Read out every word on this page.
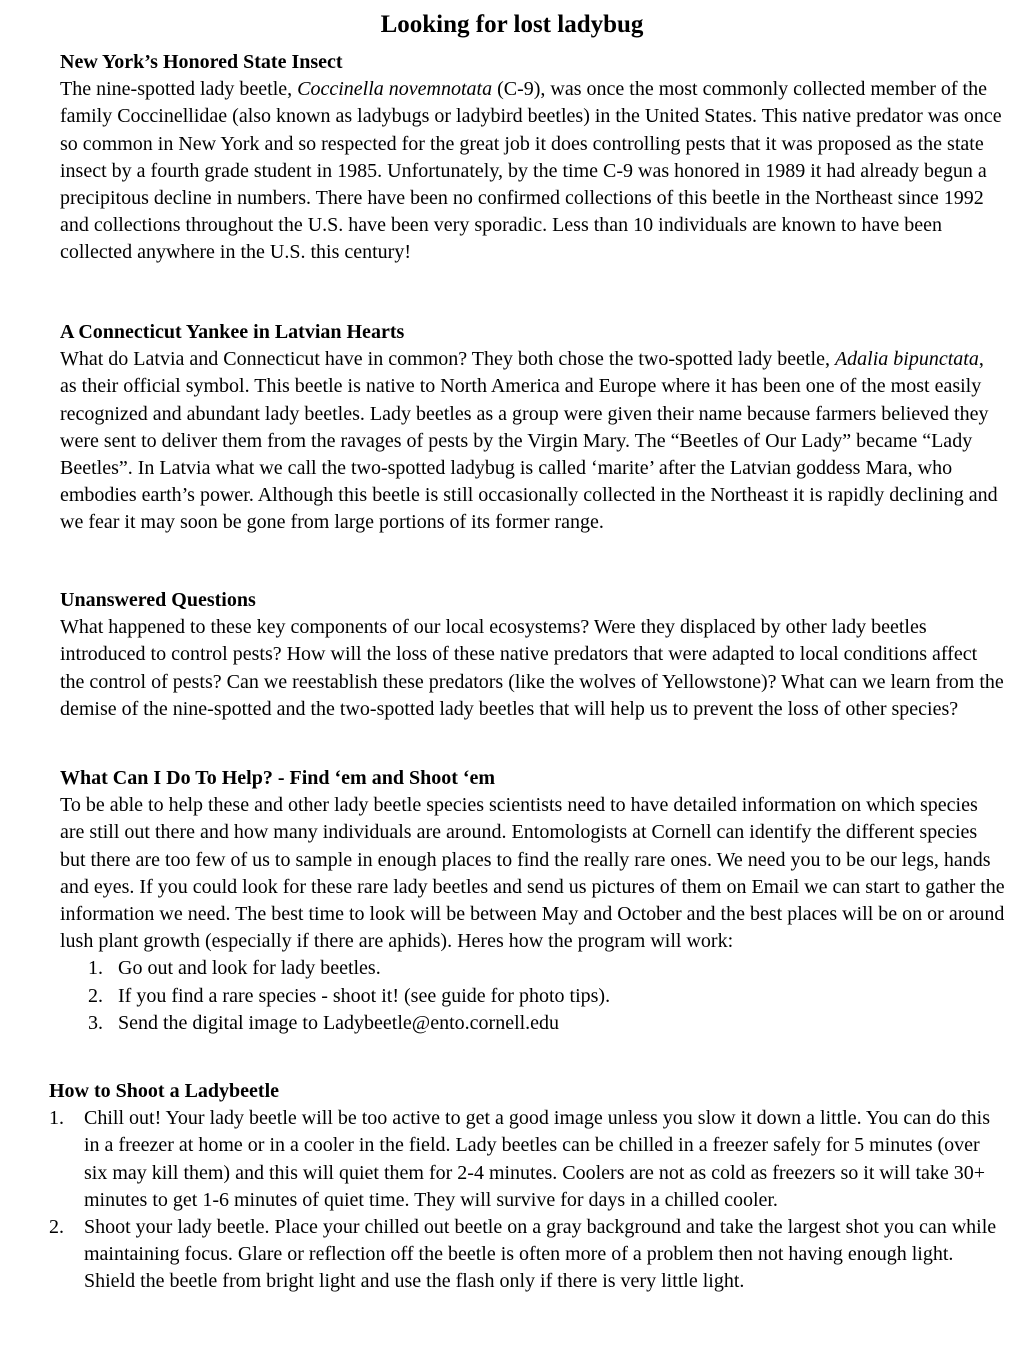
Looking for lost ladybug
New York’s Honored State Insect

The nine-spotted lady beetle, Coccinella novemnotata (C-9), was once the most commonly collected member of the family Coccinellidae (also known as ladybugs or ladybird beetles) in the United States. This native predator was once so common in New York and so respected for the great job it does controlling pests that it was proposed as the state insect by a fourth grade student in 1985. Unfortunately, by the time C-9 was honored in 1989 it had already begun a precipitous decline in numbers. There have been no confirmed collections of this beetle in the Northeast since 1992 and collections throughout the U.S. have been very sporadic. Less than 10 individuals are known to have been collected anywhere in the U.S. this century!

A Connecticut Yankee in Latvian Hearts

What do Latvia and Connecticut have in common? They both chose the two-spotted lady beetle, Adalia bipunctata, as their official symbol. This beetle is native to North America and Europe where it has been one of the most easily recognized and abundant lady beetles. Lady beetles as a group were given their name because farmers believed they were sent to deliver them from the ravages of pests by the Virgin Mary. The “Beetles of Our Lady” became “Lady Beetles”. In Latvia what we call the two-spotted ladybug is called ‘marite’ after the Latvian goddess Mara, who embodies earth’s power. Although this beetle is still occasionally collected in the Northeast it is rapidly declining and we fear it may soon be gone from large portions of its former range.

Unanswered Questions

What happened to these key components of our local ecosystems? Were they displaced by other lady beetles introduced to control pests? How will the loss of these native predators that were adapted to local conditions affect the control of pests? Can we reestablish these predators (like the wolves of Yellowstone)? What can we learn from the demise of the nine-spotted and the two-spotted lady beetles that will help us to prevent the loss of other species?

What Can I Do To Help? - Find ‘em and Shoot ‘em

To be able to help these and other lady beetle species scientists need to have detailed information on which species are still out there and how many individuals are around. Entomologists at Cornell can identify the different species but there are too few of us to sample in enough places to find the really rare ones. We need you to be our legs, hands and eyes. If you could look for these rare lady beetles and send us pictures of them on Email we can start to gather the information we need. The best time to look will be between May and October and the best places will be on or around lush plant growth (especially if there are aphids). Heres how the program will work:

1. Go out and look for lady beetles.
2. If you find a rare species - shoot it! (see guide for photo tips).
3. Send the digital image to Ladybeetle@ento.cornell.edu
How to Shoot a Ladybeetle
1. Chill out! Your lady beetle will be too active to get a good image unless you slow it down a little. You can do this in a freezer at home or in a cooler in the field. Lady beetles can be chilled in a freezer safely for 5 minutes (over six may kill them) and this will quiet them for 2-4 minutes. Coolers are not as cold as freezers so it will take 30+ minutes to get 1-6 minutes of quiet time. They will survive for days in a chilled cooler.
2. Shoot your lady beetle. Place your chilled out beetle on a gray background and take the largest shot you can while maintaining focus. Glare or reflection off the beetle is often more of a problem then not having enough light. Shield the beetle from bright light and use the flash only if there is very little light.
